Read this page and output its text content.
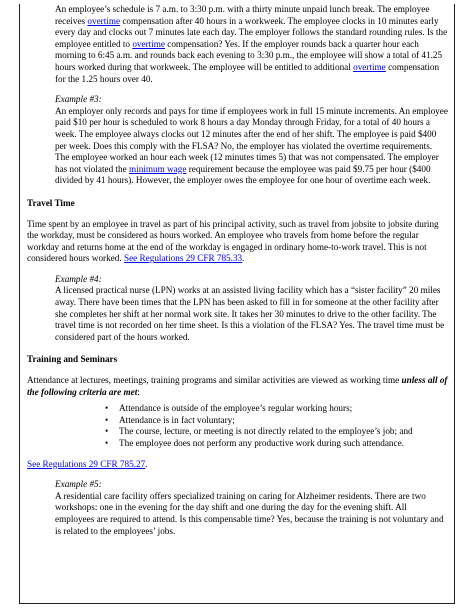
An employee’s schedule is 7 a.m. to 3:30 p.m. with a thirty minute unpaid lunch break. The employee receives overtime compensation after 40 hours in a workweek. The employee clocks in 10 minutes early every day and clocks out 7 minutes late each day. The employer follows the standard rounding rules. Is the employee entitled to overtime compensation? Yes. If the employer rounds back a quarter hour each morning to 6:45 a.m. and rounds back each evening to 3:30 p.m., the employee will show a total of 41.25 hours worked during that workweek. The employee will be entitled to additional overtime compensation for the 1.25 hours over 40.

Example #3:

An employer only records and pays for time if employees work in full 15 minute increments. An employee paid $10 per hour is scheduled to work 8 hours a day Monday through Friday, for a total of 40 hours a week. The employee always clocks out 12 minutes after the end of her shift. The employee is paid $400 per week. Does this comply with the FLSA? No, the employer has violated the overtime requirements. The employee worked an hour each week (12 minutes times 5) that was not compensated. The employer has not violated the minimum wage requirement because the employee was paid $9.75 per hour ($400 divided by 41 hours). However, the employer owes the employee for one hour of overtime each week.

Travel Time

Time spent by an employee in travel as part of his principal activity, such as travel from jobsite to jobsite during the workday, must be considered as hours worked. An employee who travels from home before the regular workday and returns home at the end of the workday is engaged in ordinary home-to-work travel. This is not considered hours worked. See Regulations 29 CFR 785.33.

Example #4:

A licensed practical nurse (LPN) works at an assisted living facility which has a “sister facility” 20 miles away. There have been times that the LPN has been asked to fill in for someone at the other facility after she completes her shift at her normal work site. It takes her 30 minutes to drive to the other facility. The travel time is not recorded on her time sheet. Is this a violation of the FLSA? Yes. The travel time must be considered part of the hours worked.

Training and Seminars

Attendance at lectures, meetings, training programs and similar activities are viewed as working time unless all of the following criteria are met:

• Attendance is outside of the employee’s regular working hours;
• Attendance is in fact voluntary;
• The course, lecture, or meeting is not directly related to the employee’s job; and
• The employee does not perform any productive work during such attendance.

See Regulations 29 CFR 785.27.

Example #5:

A residential care facility offers specialized training on caring for Alzheimer residents. There are two workshops: one in the evening for the day shift and one during the day for the evening shift. All employees are required to attend. Is this compensable time? Yes, because the training is not voluntary and is related to the employees’ jobs.
